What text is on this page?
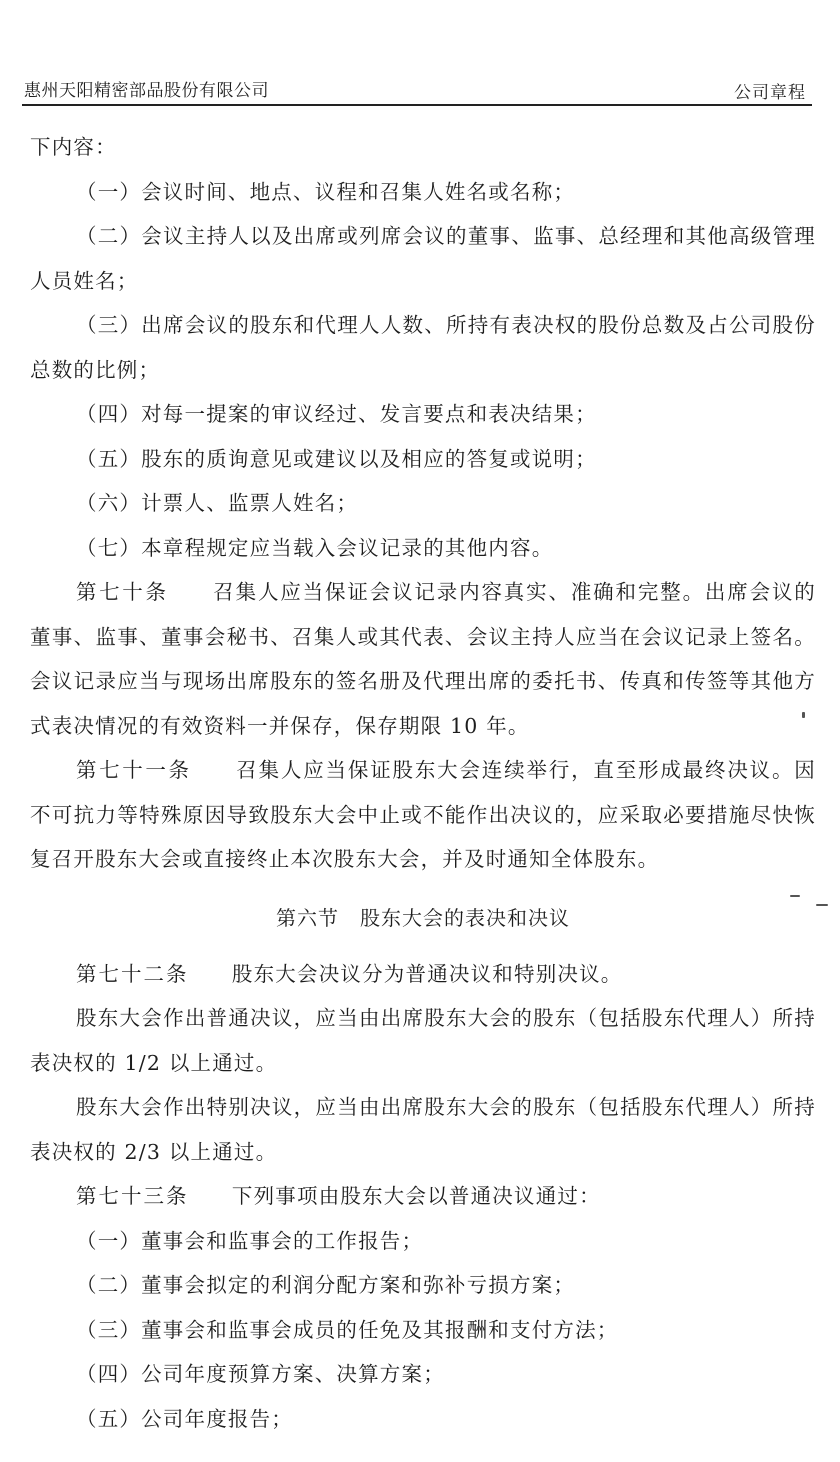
惠州天阳精密部品股份有限公司	公司章程

下内容：

（一）会议时间、地点、议程和召集人姓名或名称；

（二）会议主持人以及出席或列席会议的董事、监事、总经理和其他高级管理人员姓名；

（三）出席会议的股东和代理人人数、所持有表决权的股份总数及占公司股份总数的比例；

（四）对每一提案的审议经过、发言要点和表决结果；

（五）股东的质询意见或建议以及相应的答复或说明；

（六）计票人、监票人姓名；

（七）本章程规定应当载入会议记录的其他内容。

第七十条　　 召集人应当保证会议记录内容真实、准确和完整。出席会议的董事、监事、董事会秘书、召集人或其代表、会议主持人应当在会议记录上签名。会议记录应当与现场出席股东的签名册及代理出席的委托书、传真和传签等其他方式表决情况的有效资料一并保存，保存期限 10 年。

第七十一条　　 召集人应当保证股东大会连续举行，直至形成最终决议。因不可抗力等特殊原因导致股东大会中止或不能作出决议的，应采取必要措施尽快恢复召开股东大会或直接终止本次股东大会，并及时通知全体股东。

第六节　股东大会的表决和决议

第七十二条　　 股东大会决议分为普通决议和特别决议。

股东大会作出普通决议，应当由出席股东大会的股东（包括股东代理人）所持表决权的 1/2 以上通过。

股东大会作出特别决议，应当由出席股东大会的股东（包括股东代理人）所持表决权的 2/3 以上通过。

第七十三条　　 下列事项由股东大会以普通决议通过：

（一）董事会和监事会的工作报告；

（二）董事会拟定的利润分配方案和弥补亏损方案；

（三）董事会和监事会成员的任免及其报酬和支付方法；

（四）公司年度预算方案、决算方案；

（五）公司年度报告；
